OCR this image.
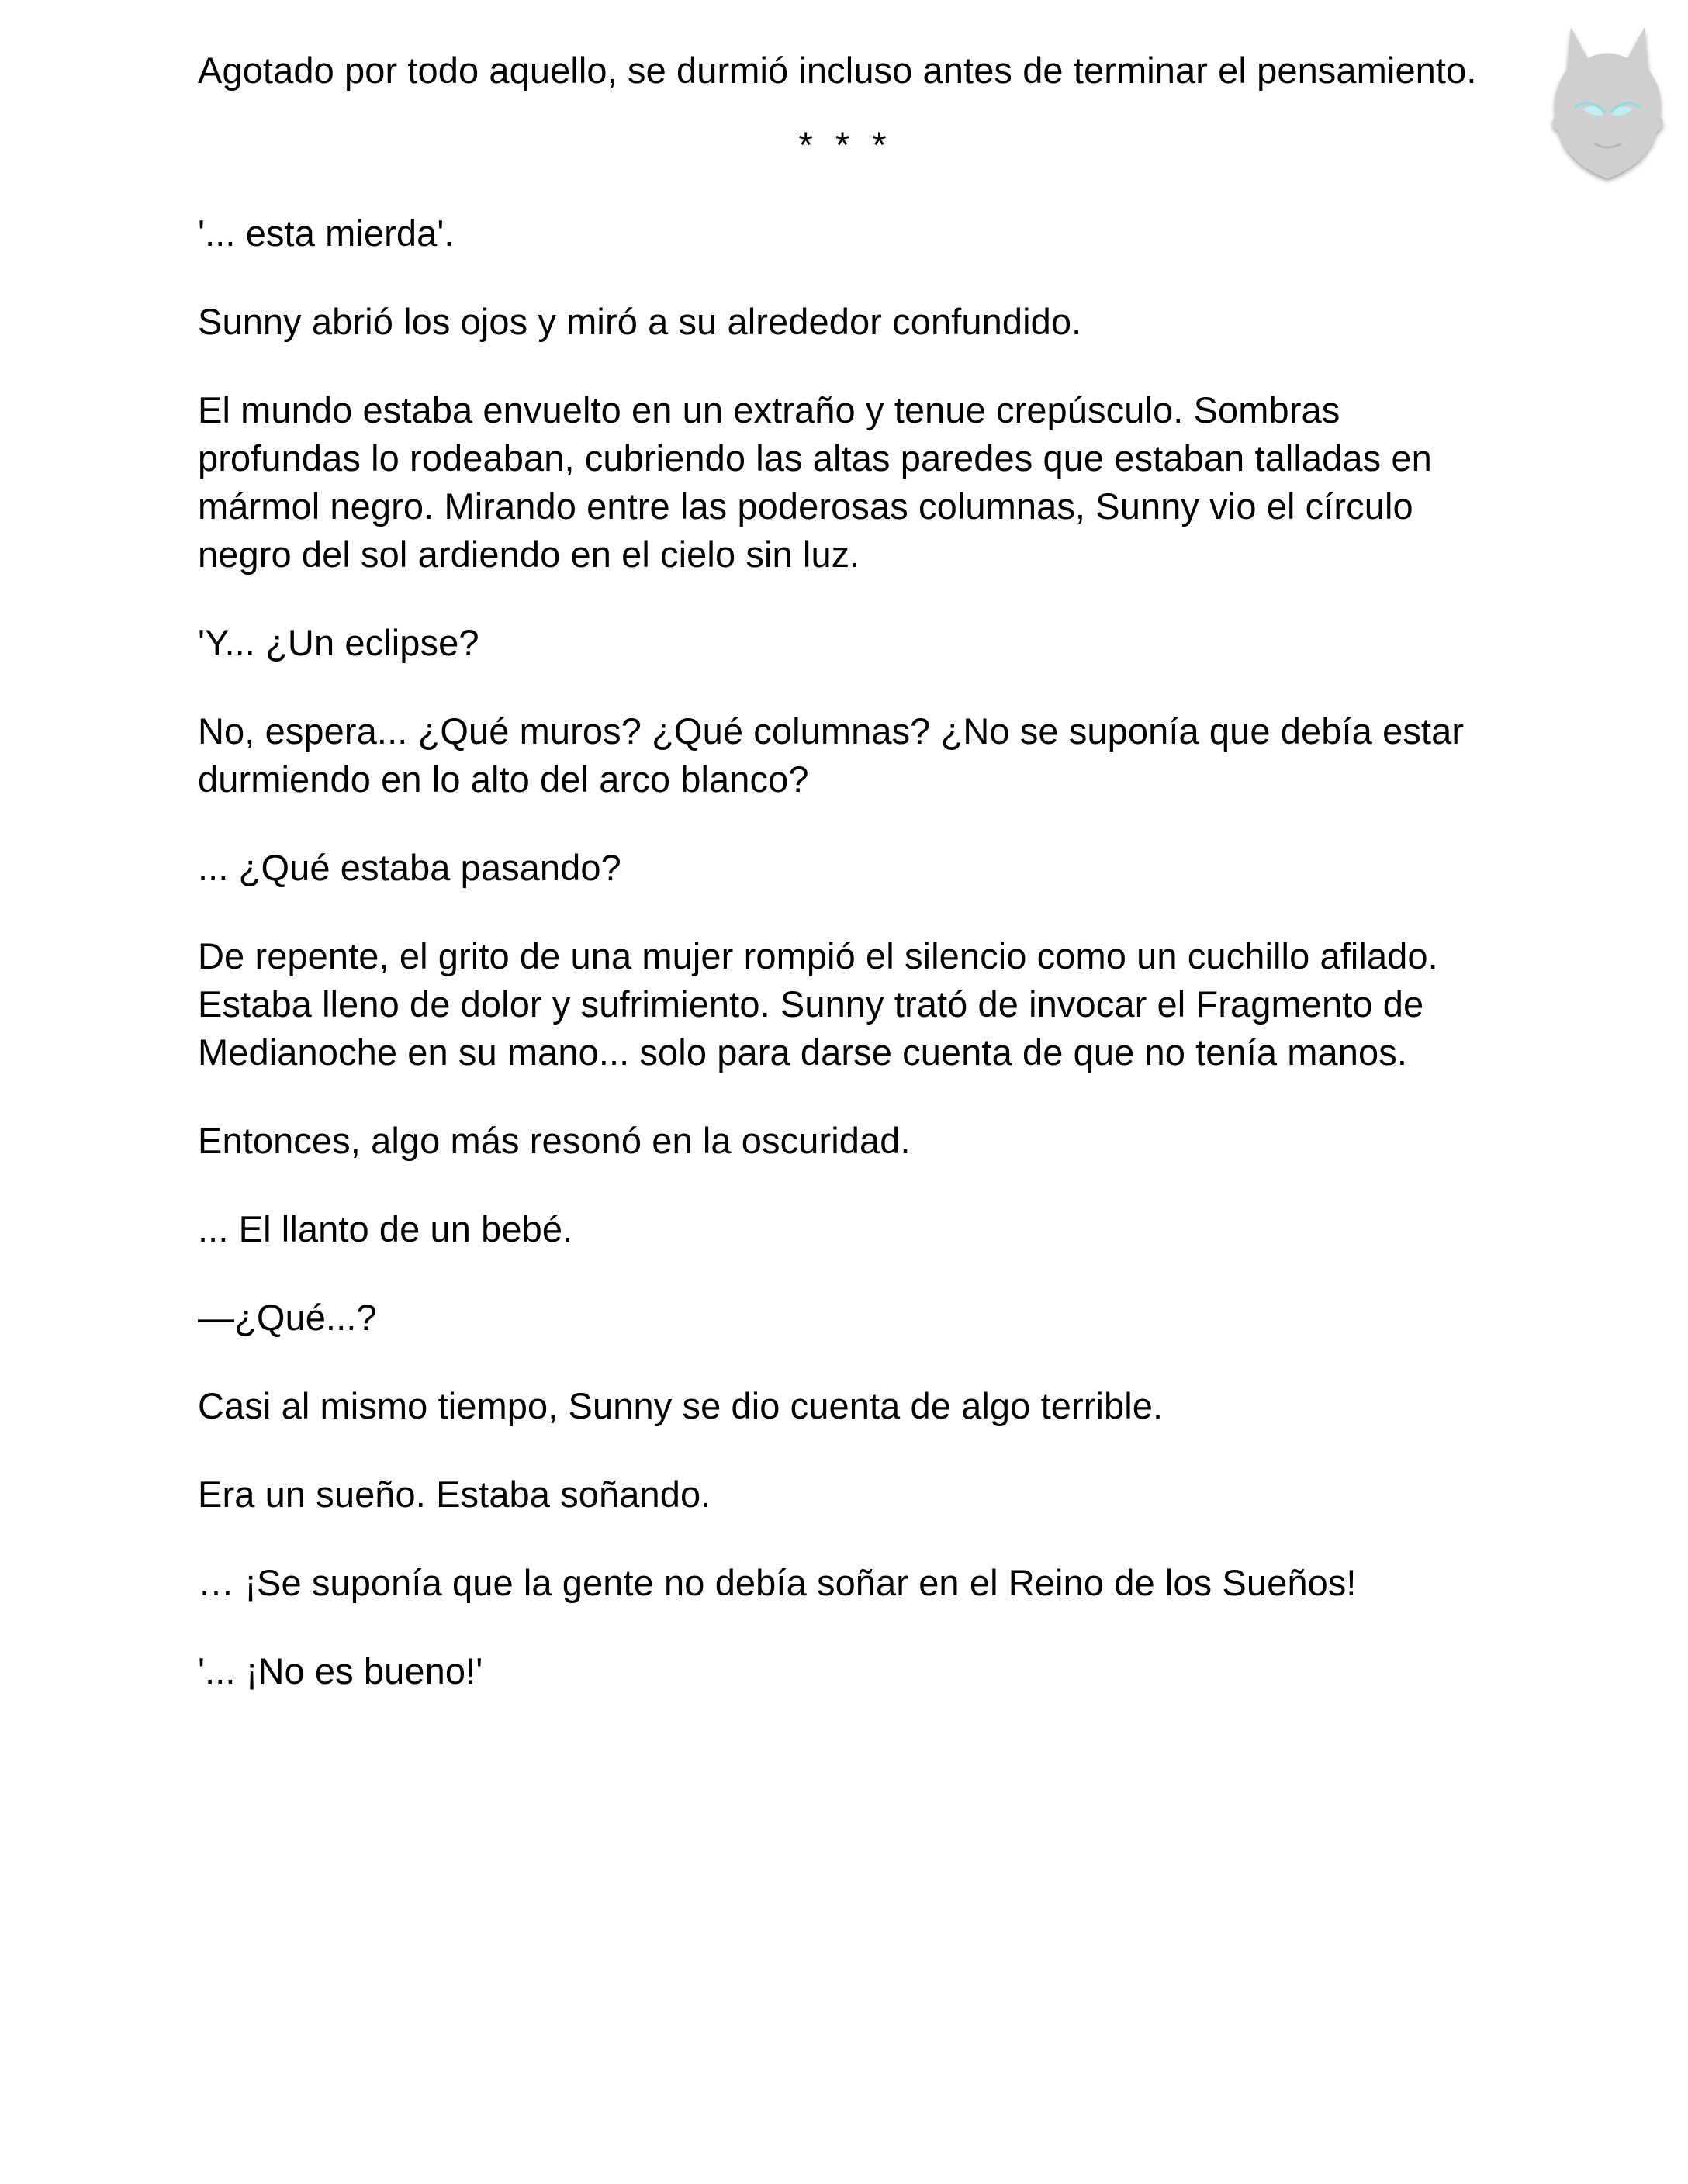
Agotado por todo aquello, se durmió incluso antes de terminar el pensamiento.

* * *

'... esta mierda'.

Sunny abrió los ojos y miró a su alrededor confundido.

El mundo estaba envuelto en un extraño y tenue crepúsculo. Sombras profundas lo rodeaban, cubriendo las altas paredes que estaban talladas en mármol negro. Mirando entre las poderosas columnas, Sunny vio el círculo negro del sol ardiendo en el cielo sin luz.

'Y... ¿Un eclipse?

No, espera... ¿Qué muros? ¿Qué columnas? ¿No se suponía que debía estar durmiendo en lo alto del arco blanco?

... ¿Qué estaba pasando?

De repente, el grito de una mujer rompió el silencio como un cuchillo afilado. Estaba lleno de dolor y sufrimiento. Sunny trató de invocar el Fragmento de Medianoche en su mano... solo para darse cuenta de que no tenía manos.

Entonces, algo más resonó en la oscuridad.

... El llanto de un bebé.

—¿Qué...?

Casi al mismo tiempo, Sunny se dio cuenta de algo terrible.

Era un sueño. Estaba soñando.

… ¡Se suponía que la gente no debía soñar en el Reino de los Sueños!

'... ¡No es bueno!'
